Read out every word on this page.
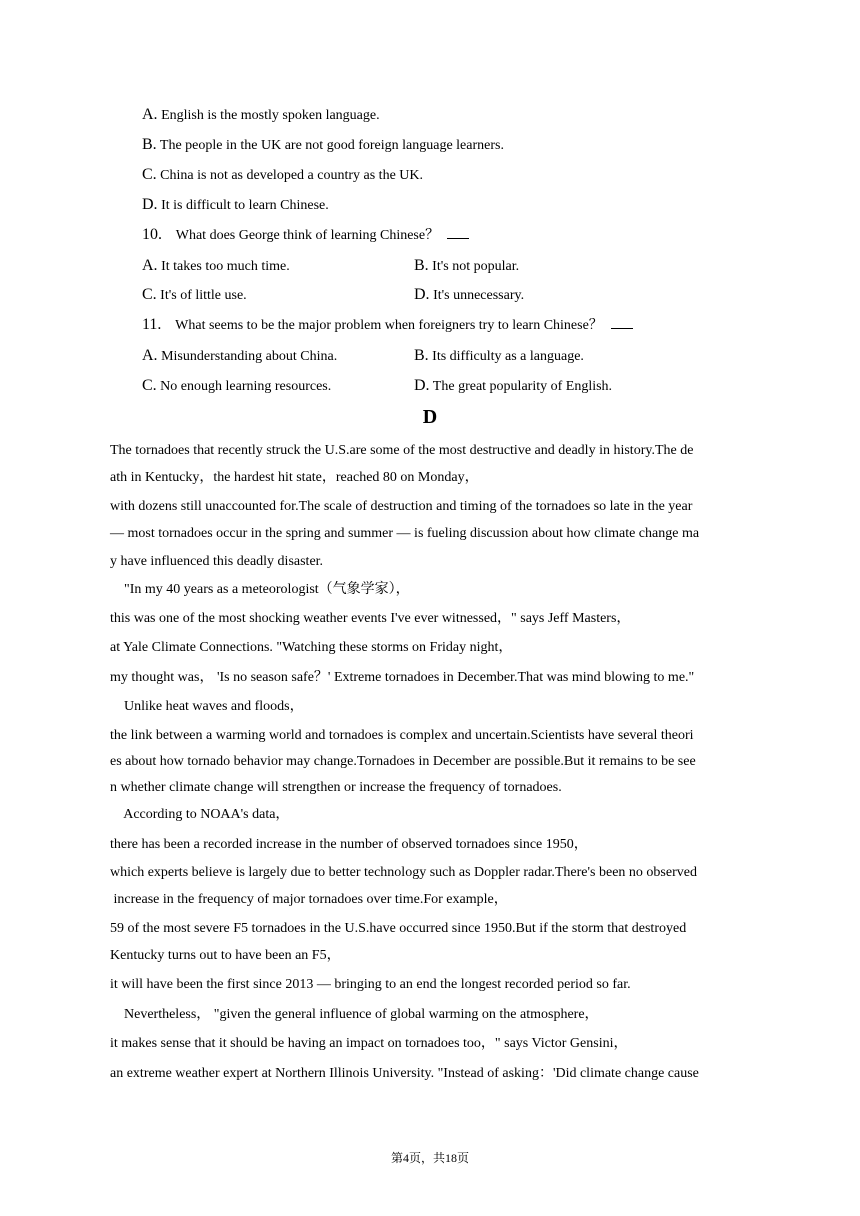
A. English is the mostly spoken language.
B. The people in the UK are not good foreign language learners.
C. China is not as developed a country as the UK.
D. It is difficult to learn Chinese.
10.    What does George think of learning Chinese？
A. It takes too much time.	B. It's not popular.
C. It's of little use.	D. It's unnecessary.
11.    What seems to be the major problem when foreigners try to learn Chinese？
A. Misunderstanding about China.	B. Its difficulty as a language.
C. No enough learning resources.	D. The great popularity of English.
D
The tornadoes that recently struck the U.S.are some of the most destructive and deadly in history.The de
ath in Kentucky，the hardest hit state，reached 80 on Monday，
with dozens still unaccounted for.The scale of destruction and timing of the tornadoes so late in the year
— most tornadoes occur in the spring and summer — is fueling discussion about how climate change ma
y have influenced this deadly disaster.
"In my 40 years as a meteorologist（气象学家），
this was one of the most shocking weather events I've ever witnessed，" says Jeff Masters，
at Yale Climate Connections. "Watching these storms on Friday night，
my thought was， 'Is no season safe？' Extreme tornadoes in December.That was mind blowing to me."
Unlike heat waves and floods，
the link between a warming world and tornadoes is complex and uncertain.Scientists have several theori
es about how tornado behavior may change.Tornadoes in December are possible.But it remains to be see
n whether climate change will strengthen or increase the frequency of tornadoes.
According to NOAA's data，
there has been a recorded increase in the number of observed tornadoes since 1950，
which experts believe is largely due to better technology such as Doppler radar.There's been no observed
increase in the frequency of major tornadoes over time.For example，
59 of the most severe F5 tornadoes in the U.S.have occurred since 1950.But if the storm that destroyed
Kentucky turns out to have been an F5，
it will have been the first since 2013 — bringing to an end the longest recorded period so far.
Nevertheless， "given the general influence of global warming on the atmosphere，
it makes sense that it should be having an impact on tornadoes too，" says Victor Gensini，
an extreme weather expert at Northern Illinois University. "Instead of asking：'Did climate change cause
第4页，共18页
